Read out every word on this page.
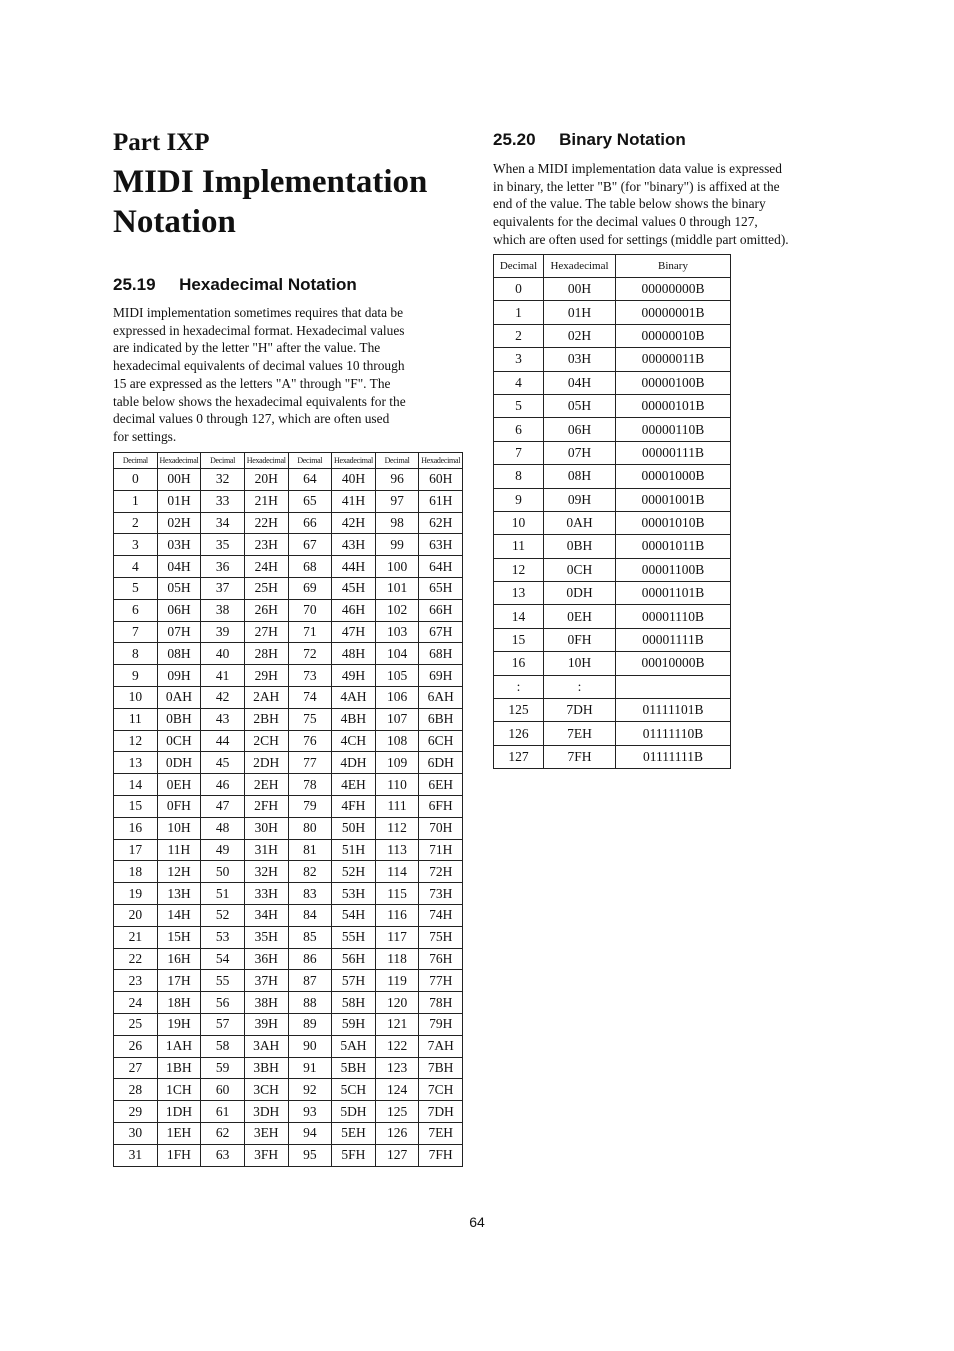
Part IXP
MIDI Implementation
Notation
25.19     Hexadecimal Notation
MIDI implementation sometimes requires that data be
expressed in hexadecimal format. Hexadecimal values
are indicated by the letter "H" after the value. The
hexadecimal equivalents of decimal values 10 through
15 are expressed as the letters "A" through "F". The
table below shows the hexadecimal equivalents for the
decimal values 0 through 127, which are often used
for settings.
Decimal	Hexadecimal	Decimal	Hexadecimal	Decimal	Hexadecimal	Decimal	Hexadecimal
0	00H	32	20H	64	40H	96	60H
1	01H	33	21H	65	41H	97	61H
2	02H	34	22H	66	42H	98	62H
3	03H	35	23H	67	43H	99	63H
4	04H	36	24H	68	44H	100	64H
5	05H	37	25H	69	45H	101	65H
6	06H	38	26H	70	46H	102	66H
7	07H	39	27H	71	47H	103	67H
8	08H	40	28H	72	48H	104	68H
9	09H	41	29H	73	49H	105	69H
10	0AH	42	2AH	74	4AH	106	6AH
11	0BH	43	2BH	75	4BH	107	6BH
12	0CH	44	2CH	76	4CH	108	6CH
13	0DH	45	2DH	77	4DH	109	6DH
14	0EH	46	2EH	78	4EH	110	6EH
15	0FH	47	2FH	79	4FH	111	6FH
16	10H	48	30H	80	50H	112	70H
17	11H	49	31H	81	51H	113	71H
18	12H	50	32H	82	52H	114	72H
19	13H	51	33H	83	53H	115	73H
20	14H	52	34H	84	54H	116	74H
21	15H	53	35H	85	55H	117	75H
22	16H	54	36H	86	56H	118	76H
23	17H	55	37H	87	57H	119	77H
24	18H	56	38H	88	58H	120	78H
25	19H	57	39H	89	59H	121	79H
26	1AH	58	3AH	90	5AH	122	7AH
27	1BH	59	3BH	91	5BH	123	7BH
28	1CH	60	3CH	92	5CH	124	7CH
29	1DH	61	3DH	93	5DH	125	7DH
30	1EH	62	3EH	94	5EH	126	7EH
31	1FH	63	3FH	95	5FH	127	7FH
25.20     Binary Notation
When a MIDI implementation data value is expressed
in binary, the letter "B" (for "binary") is affixed at the
end of the value. The table below shows the binary
equivalents for the decimal values 0 through 127,
which are often used for settings (middle part omitted).
Decimal	Hexadecimal	Binary
0	00H	00000000B
1	01H	00000001B
2	02H	00000010B
3	03H	00000011B
4	04H	00000100B
5	05H	00000101B
6	06H	00000110B
7	07H	00000111B
8	08H	00001000B
9	09H	00001001B
10	0AH	00001010B
11	0BH	00001011B
12	0CH	00001100B
13	0DH	00001101B
14	0EH	00001110B
15	0FH	00001111B
16	10H	00010000B
:	:	
125	7DH	01111101B
126	7EH	01111110B
127	7FH	01111111B
64
